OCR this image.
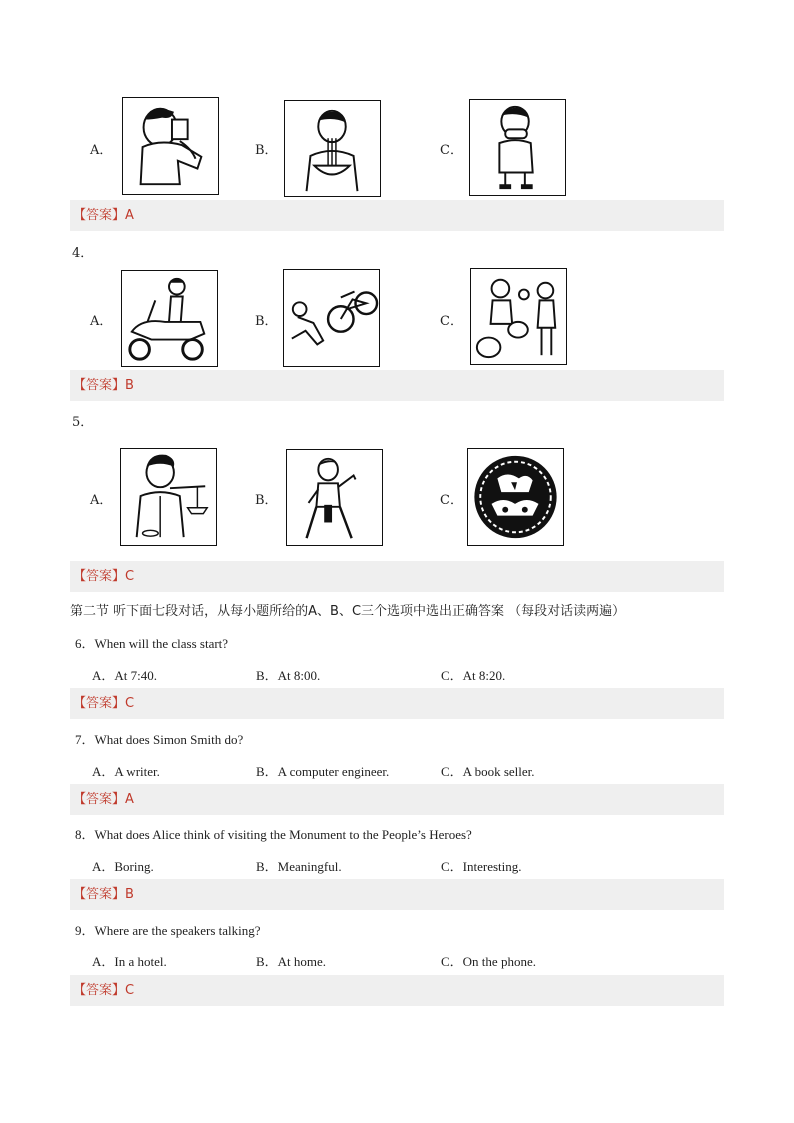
A．	B．	C．
【答案】A
4．
A．	B．	C．
【答案】B
5．
A．	B．	C．
【答案】C
第二节 听下面七段对话，从每小题所给的A、B、C三个选项中选出正确答案 （每段对话读两遍）
6．When will the class start?
A．At 7:40.	B．At 8:00.	C．At 8:20.
【答案】C
7．What does Simon Smith do?
A．A writer.	B．A computer engineer.	C．A book seller.
【答案】A
8．What does Alice think of visiting the Monument to the People’s Heroes?
A．Boring.	B．Meaningful.	C．Interesting.
【答案】B
9．Where are the speakers talking?
A．In a hotel.	B．At home.	C．On the phone.
【答案】C
